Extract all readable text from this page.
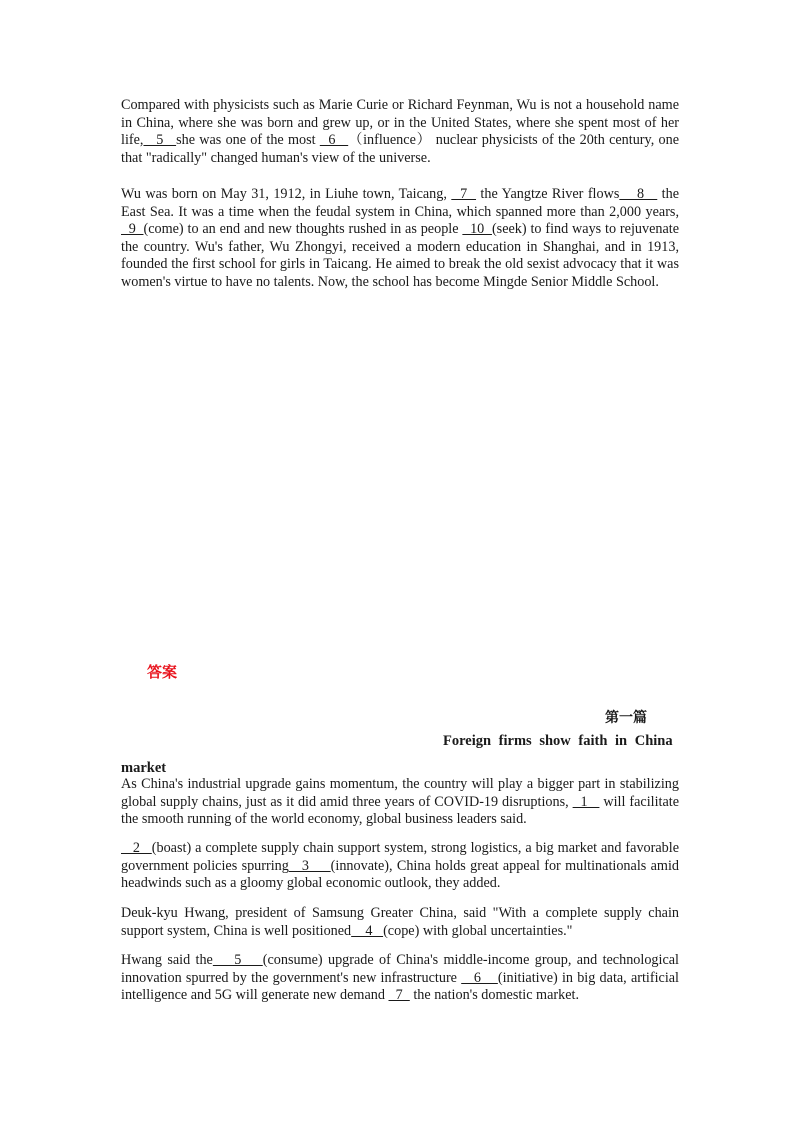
Compared with physicists such as Marie Curie or Richard Feynman, Wu is not a household name in China, where she was born and grew up, or in the United States, where she spent most of her life,   5   she was one of the most   6   （influence） nuclear physicists of the 20th century, one that "radically" changed human's view of the universe.

Wu was born on May 31, 1912, in Liuhe town, Taicang,   7   the Yangtze River flows    8    the East Sea. It was a time when the feudal system in China, which spanned more than 2,000 years,   9  (come) to an end and new thoughts rushed in as people   10  (seek) to find ways to rejuvenate the country. Wu's father, Wu Zhongyi, received a modern education in Shanghai, and in 1913, founded the first school for girls in Taicang. He aimed to break the old sexist advocacy that it was women's virtue to have no talents. Now, the school has become Mingde Senior Middle School.

答案
第一篇
Foreign firms show faith in China
market

As China's industrial upgrade gains momentum, the country will play a bigger part in stabilizing global supply chains, just as it did amid three years of COVID-19 disruptions,   1    will facilitate the smooth running of the world economy, global business leaders said.

2   (boast) a complete supply chain support system, strong logistics, a big market and favorable government policies spurring   3     (innovate), China holds great appeal for multinationals amid headwinds such as a gloomy global economic outlook, they added.

Deuk-kyu Hwang, president of Samsung Greater China, said "With a complete supply chain support system, China is well positioned    4   (cope) with global uncertainties."

Hwang said the    5    (consume) upgrade of China's middle-income group, and technological innovation spurred by the government's new infrastructure    6    (initiative) in big data, artificial intelligence and 5G will generate new demand   7   the nation's domestic market.
